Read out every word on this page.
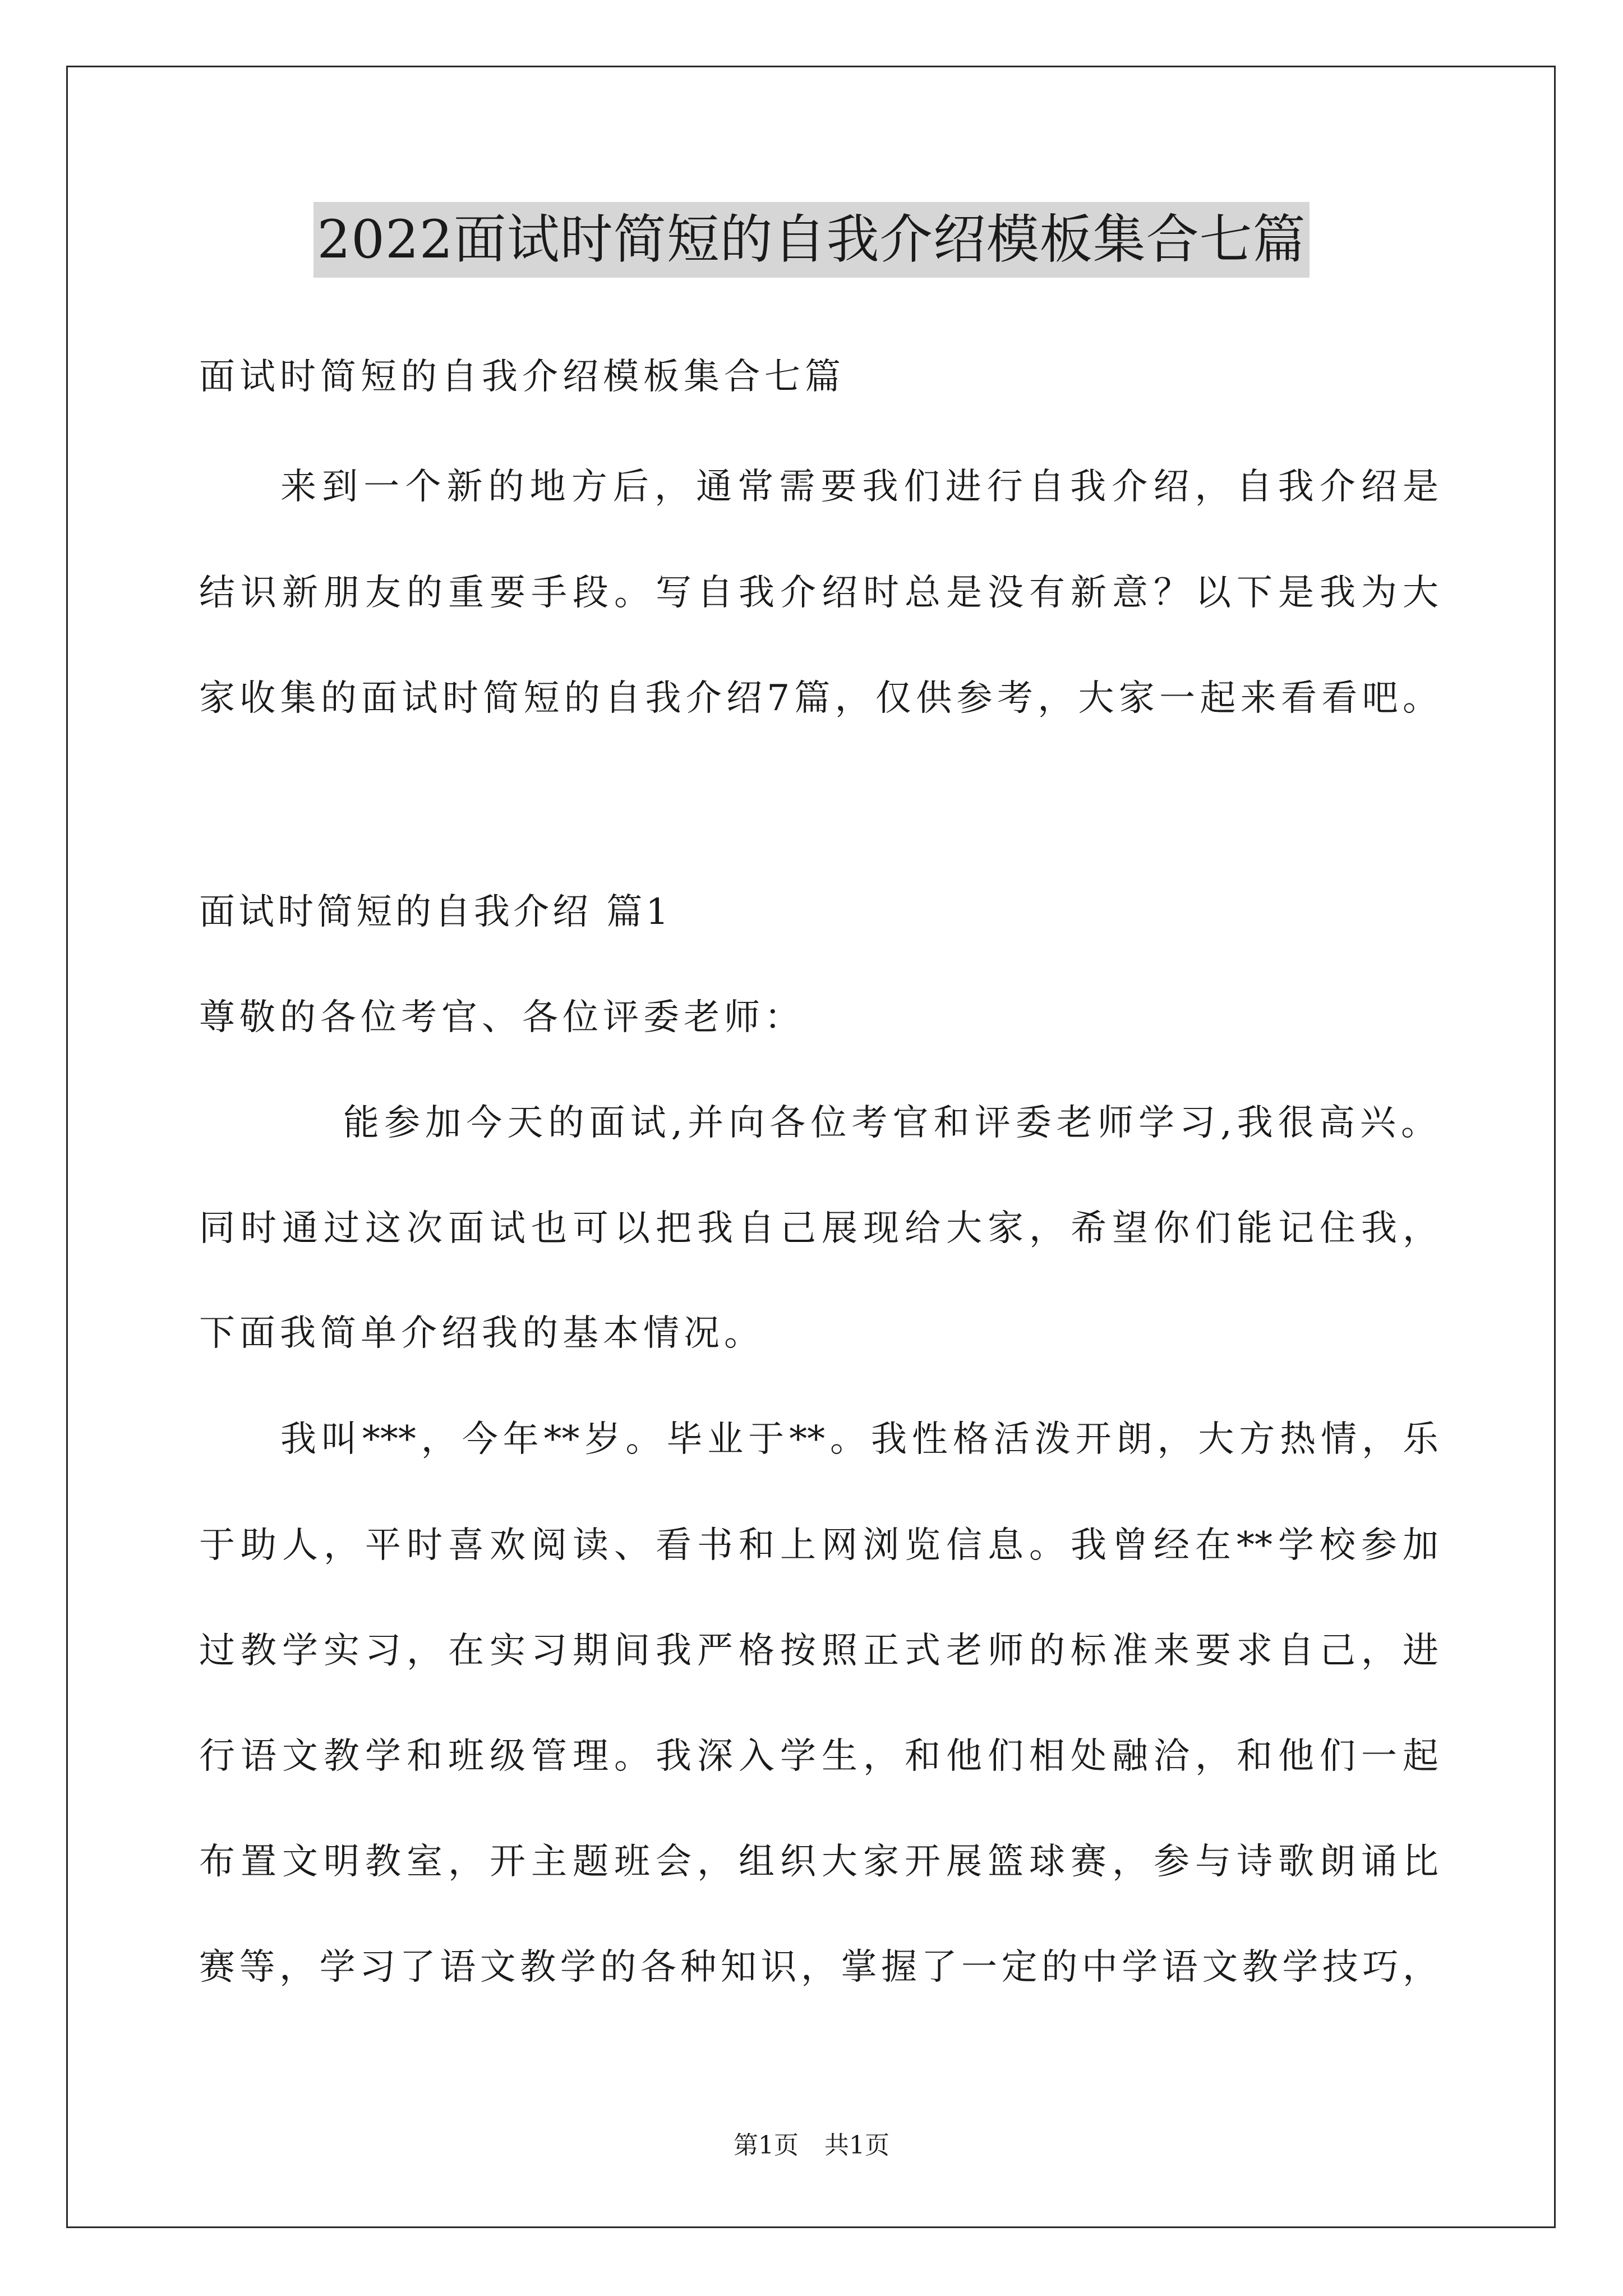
2022面试时简短的自我介绍模板集合七篇
面试时简短的自我介绍模板集合七篇
来到一个新的地方后，通常需要我们进行自我介绍，自我介绍是
结识新朋友的重要手段。写自我介绍时总是没有新意？以下是我为大
家收集的面试时简短的自我介绍7篇，仅供参考，大家一起来看看吧。
面试时简短的自我介绍 篇1
尊敬的各位考官、各位评委老师：
能参加今天的面试,并向各位考官和评委老师学习,我很高兴。
同时通过这次面试也可以把我自己展现给大家，希望你们能记住我，
下面我简单介绍我的基本情况。
我叫***，今年**岁。毕业于**。我性格活泼开朗，大方热情，乐
于助人，平时喜欢阅读、看书和上网浏览信息。我曾经在**学校参加
过教学实习，在实习期间我严格按照正式老师的标准来要求自己，进
行语文教学和班级管理。我深入学生，和他们相处融洽，和他们一起
布置文明教室，开主题班会，组织大家开展篮球赛，参与诗歌朗诵比
赛等，学习了语文教学的各种知识，掌握了一定的中学语文教学技巧，
第1页 共1页
